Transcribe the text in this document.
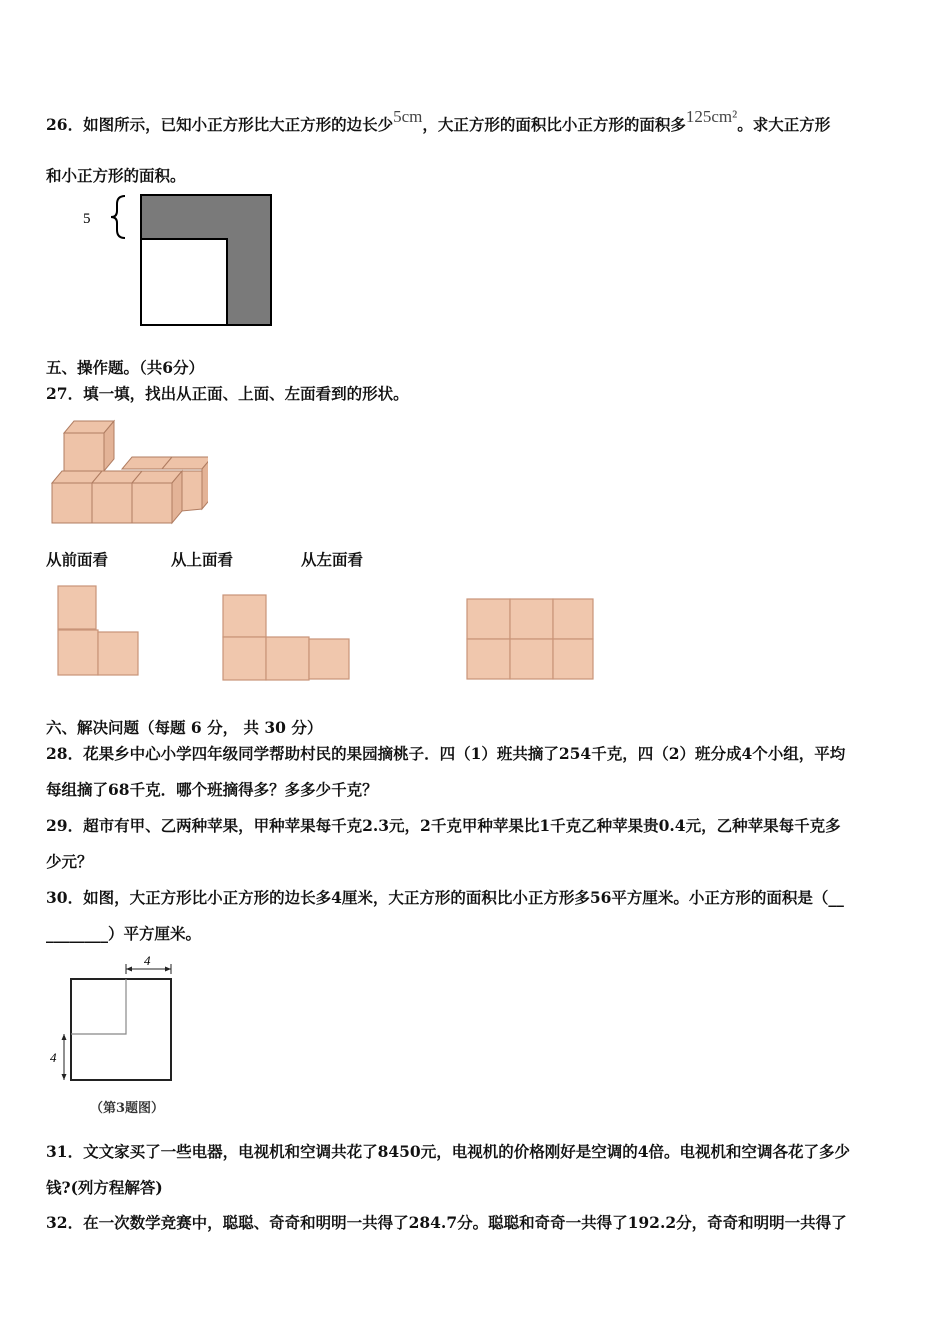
26．如图所示，已知小正方形比大正方形的边长少5cm，大正方形的面积比小正方形的面积多125cm²。求大正方形
和小正方形的面积。
5
五、操作题。（共6分）
27．填一填，找出从正面、上面、左面看到的形状。
从前面看	从上面看	从左面看
六、解决问题（每题 6 分， 共 30 分）
28．花果乡中心小学四年级同学帮助村民的果园摘桃子．四（1）班共摘了254千克，四（2）班分成4个小组，平均
每组摘了68千克．哪个班摘得多？多多少千克？
29．超市有甲、乙两种苹果，甲种苹果每千克2.3元，2千克甲种苹果比1千克乙种苹果贵0.4元，乙种苹果每千克多
少元？
30．如图，大正方形比小正方形的边长多4厘米，大正方形的面积比小正方形多56平方厘米。小正方形的面积是（__
________）平方厘米。
4
4
（第3题图）
31．文文家买了一些电器，电视机和空调共花了8450元，电视机的价格刚好是空调的4倍。电视机和空调各花了多少
钱?(列方程解答)
32．在一次数学竞赛中，聪聪、奇奇和明明一共得了284.7分。聪聪和奇奇一共得了192.2分，奇奇和明明一共得了
